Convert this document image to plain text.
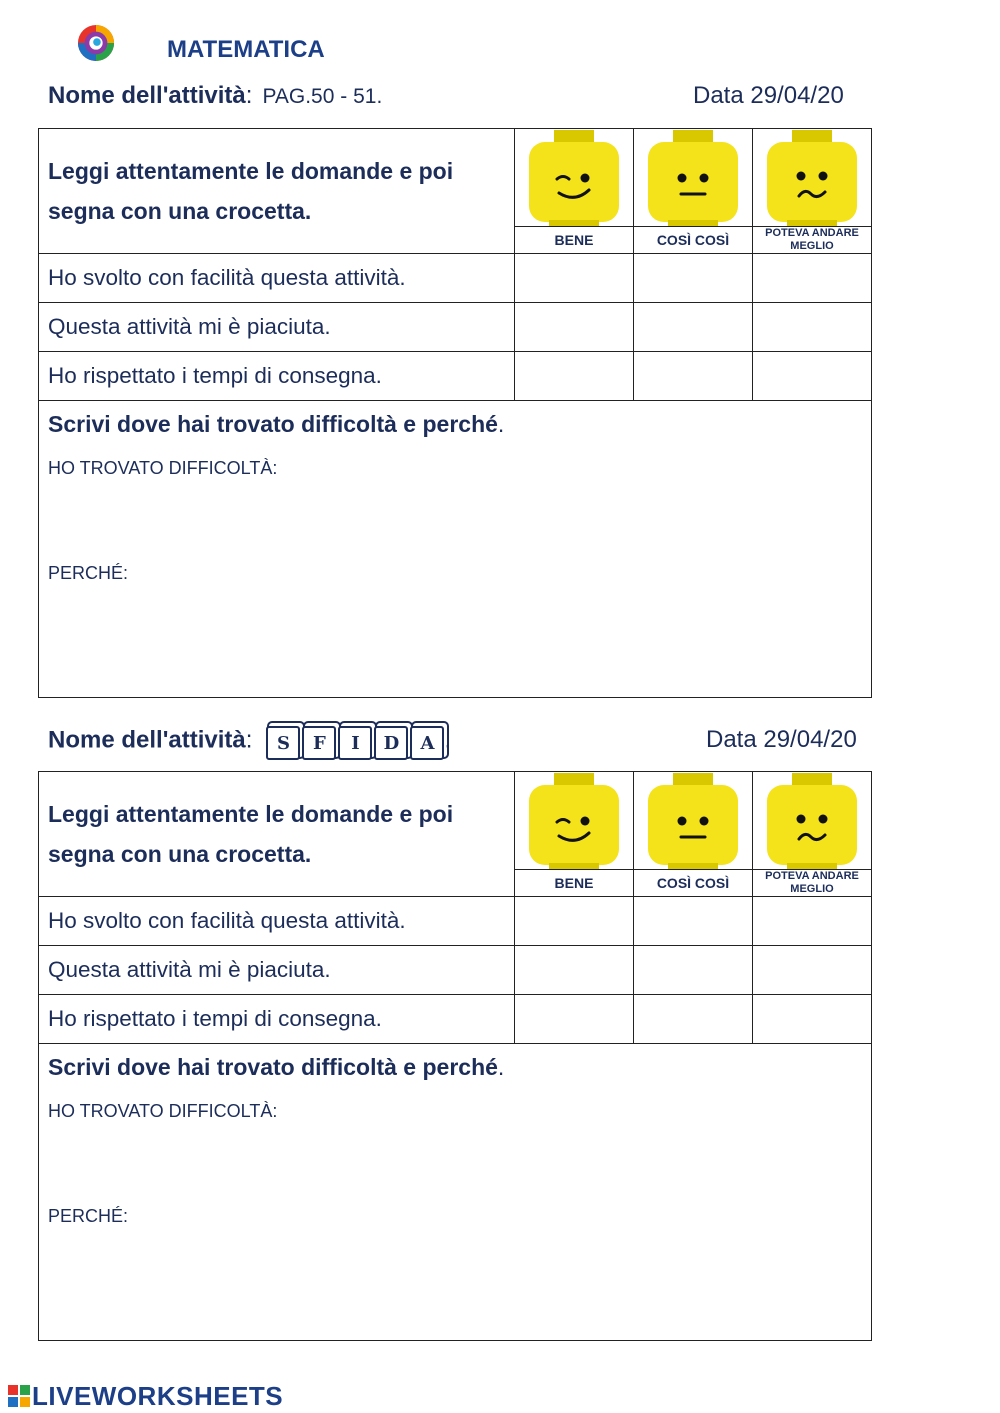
MATEMATICA
Nome dell'attività: PAG.50 - 51.	Data 29/04/20
Leggi attentamente le domande e poi segna con una crocetta.	

	BENE	COSÌ COSÌ	POTEVA ANDARE MEGLIO
Ho svolto con facilità questa attività.			
Questa attività mi è piaciuta.			
Ho rispettato i tempi di consegna.			

Scrivi dove hai trovato difficoltà e perché.
HO TROVATO DIFFICOLTÀ:
PERCHÉ:			
Nome dell'attività:	S	F	I	D	A .	Data 29/04/20
Leggi attentamente le domande e poi segna con una crocetta.	

	BENE	COSÌ COSÌ	POTEVA ANDARE MEGLIO
Ho svolto con facilità questa attività.			
Questa attività mi è piaciuta.			
Ho rispettato i tempi di consegna.			

Scrivi dove hai trovato difficoltà e perché.
HO TROVATO DIFFICOLTÀ:
PERCHÉ:			
LIVEWORKSHEETS
